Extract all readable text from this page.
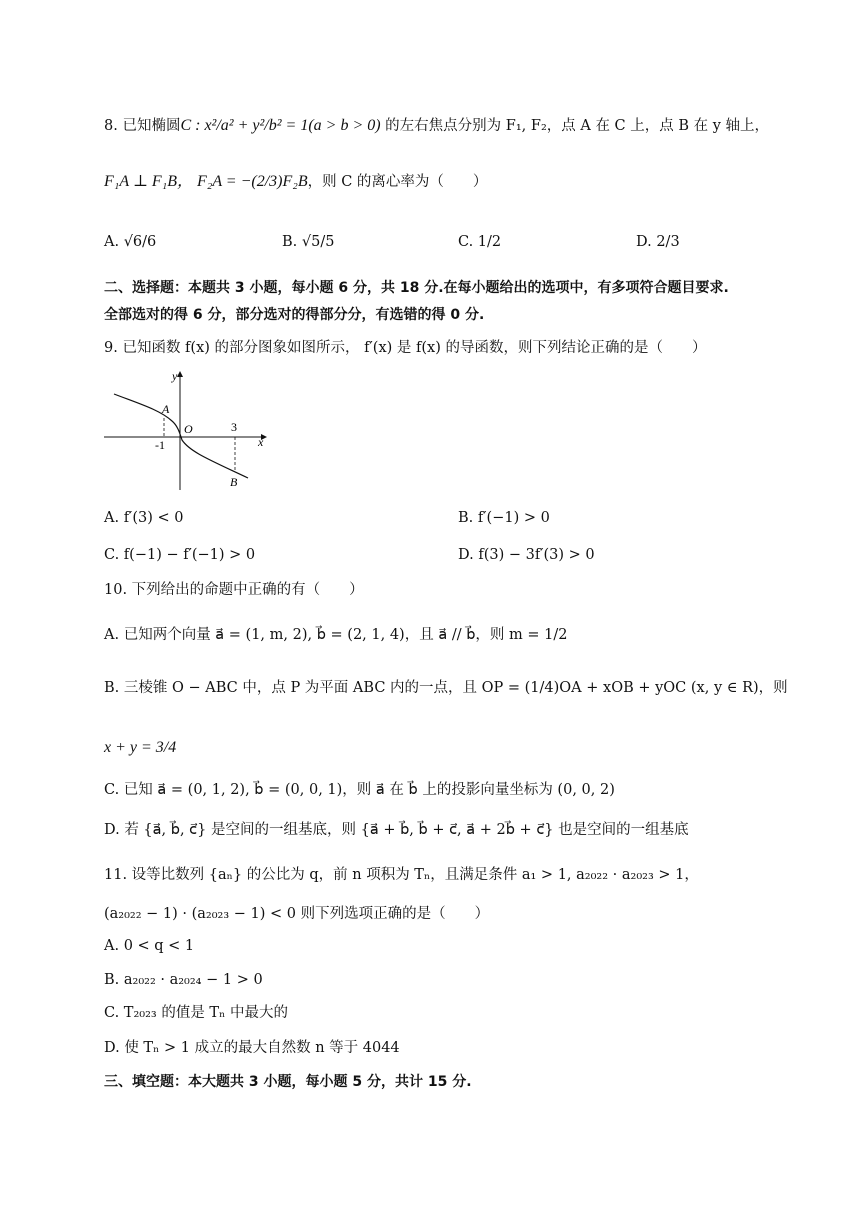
8. 已知椭圆C : x²/a² + y²/b² = 1(a > b > 0) 的左右焦点分别为 F₁, F₂，点 A 在 C 上，点 B 在 y 轴上，
F₁A ⊥ F₁B， F₂A = −(2/3)F₂B，则 C 的离心率为（　　）
A. √6/6	B. √5/5	C. 1/2	D. 2/3
二、选择题：本题共 3 小题，每小题 6 分，共 18 分.在每小题给出的选项中，有多项符合题目要求.
全部选对的得 6 分，部分选对的得部分分，有选错的得 0 分.
9. 已知函数 f(x) 的部分图象如图所示， f′(x) 是 f(x) 的导函数，则下列结论正确的是（　　）
y
x
A
O	3
-1
B
A. f′(3) < 0	B. f′(−1) > 0
C. f(−1) − f′(−1) > 0	D. f(3) − 3f′(3) > 0
10. 下列给出的命题中正确的有（　　）
A. 已知两个向量 a⃗ = (1, m, 2), b⃗ = (2, 1, 4)，且 a⃗ // b⃗，则 m = 1/2
B. 三棱锥 O − ABC 中，点 P 为平面 ABC 内的一点，且 OP = (1/4)OA + xOB + yOC (x, y ∈ R)，则
x + y = 3/4
C. 已知 a⃗ = (0, 1, 2), b⃗ = (0, 0, 1)，则 a⃗ 在 b⃗ 上的投影向量坐标为 (0, 0, 2)
D. 若 {a⃗, b⃗, c⃗} 是空间的一组基底，则 {a⃗ + b⃗, b⃗ + c⃗, a⃗ + 2b⃗ + c⃗} 也是空间的一组基底
11. 设等比数列 {aₙ} 的公比为 q，前 n 项积为 Tₙ，且满足条件 a₁ > 1, a₂₀₂₂ · a₂₀₂₃ > 1，
(a₂₀₂₂ − 1) · (a₂₀₂₃ − 1) < 0 则下列选项正确的是（　　）
A. 0 < q < 1
B. a₂₀₂₂ · a₂₀₂₄ − 1 > 0
C. T₂₀₂₃ 的值是 Tₙ 中最大的
D. 使 Tₙ > 1 成立的最大自然数 n 等于 4044
三、填空题：本大题共 3 小题，每小题 5 分，共计 15 分.
